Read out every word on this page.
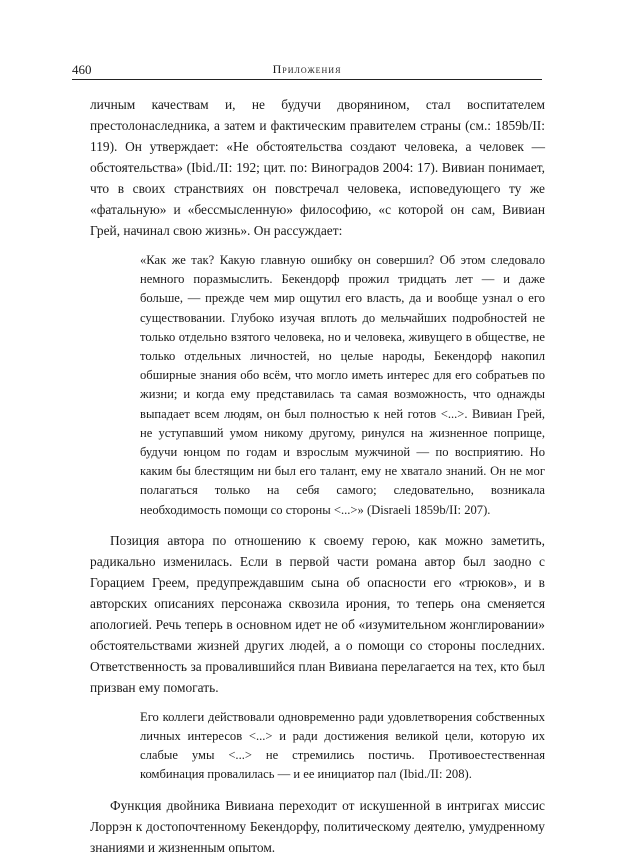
460	Приложения

личным качествам и, не будучи дворянином, стал воспитателем престолонаследника, а затем и фактическим правителем страны (см.: 1859b/II: 119). Он утверждает: «Не обстоятельства создают человека, а человек — обстоятельства» (Ibid./II: 192; цит. по: Виноградов 2004: 17). Вивиан понимает, что в своих странствиях он повстречал человека, исповедующего ту же «фатальную» и «бессмысленную» философию, «с которой он сам, Вивиан Грей, начинал свою жизнь». Он рассуждает:

«Как же так? Какую главную ошибку он совершил? Об этом следовало немного поразмыслить. Бекендорф прожил тридцать лет — и даже больше, — прежде чем мир ощутил его власть, да и вообще узнал о его существовании. Глубоко изучая вплоть до мельчайших подробностей не только отдельно взятого человека, но и человека, живущего в обществе, не только отдельных личностей, но целые народы, Бекендорф накопил обширные знания обо всём, что могло иметь интерес для его собратьев по жизни; и когда ему представилась та самая возможность, что однажды выпадает всем людям, он был полностью к ней готов <...>. Вивиан Грей, не уступавший умом никому другому, ринулся на жизненное поприще, будучи юнцом по годам и взрослым мужчиной — по восприятию. Но каким бы блестящим ни был его талант, ему не хватало знаний. Он не мог полагаться только на себя самого; следовательно, возникала необходимость помощи со стороны <...>» (Disraeli 1859b/II: 207).

Позиция автора по отношению к своему герою, как можно заметить, радикально изменилась. Если в первой части романа автор был заодно с Горацием Греем, предупреждавшим сына об опасности его «трюков», и в авторских описаниях персонажа сквозила ирония, то теперь она сменяется апологией. Речь теперь в основном идет не об «изумительном жонглировании» обстоятельствами жизней других людей, а о помощи со стороны последних. Ответственность за провалившийся план Вивиана перелагается на тех, кто был призван ему помогать.

Его коллеги действовали одновременно ради удовлетворения собственных личных интересов <...> и ради достижения великой цели, которую их слабые умы <...> не стремились постичь. Противоестественная комбинация провалилась — и ее инициатор пал (Ibid./II: 208).

Функция двойника Вивиана переходит от искушенной в интригах миссис Лоррэн к достопочтенному Бекендорфу, политическому деятелю, умудренному знаниями и жизненным опытом.
